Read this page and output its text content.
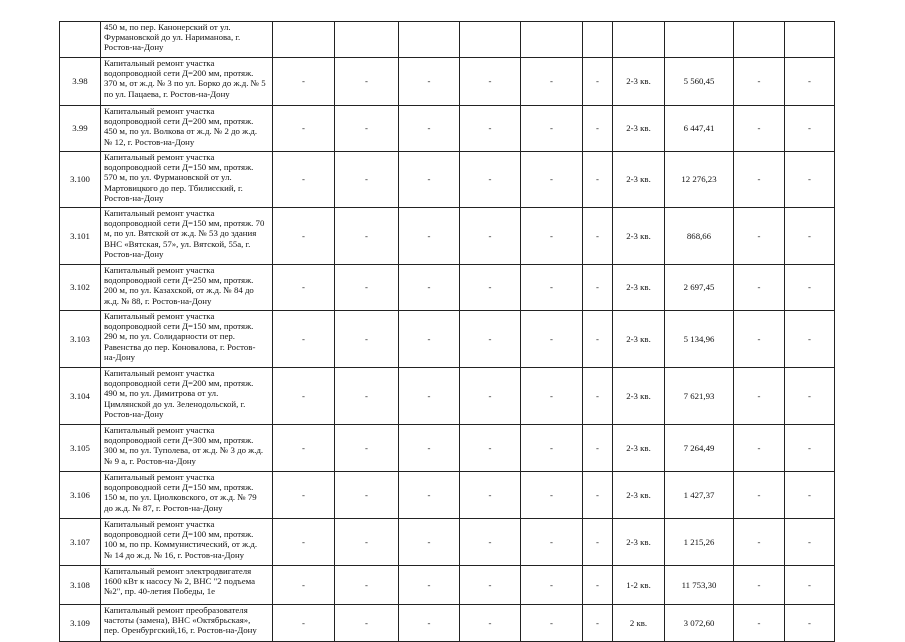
	450 м, по пер. Канонерский от ул.
Фурмановской до ул. Нариманова, г.
Ростов-на-Дону										
3.98	Капитальный ремонт участка
водопроводной сети Д=200 мм, протяж.
370 м, от ж.д. № 3 по ул. Борко до ж.д. № 5
по ул. Пацаева, г. Ростов-на-Дону	-	-	-	-	-	-	2-3 кв.	5 560,45	-	-
3.99	Капитальный ремонт участка
водопроводной сети Д=200 мм, протяж.
450 м, по ул. Волкова от ж.д. № 2 до ж.д.
№ 12, г. Ростов-на-Дону	-	-	-	-	-	-	2-3 кв.	6 447,41	-	-
3.100	Капитальный ремонт участка
водопроводной сети Д=150 мм, протяж.
570 м, по ул. Фурмановской от ул.
Мартовицкого до пер. Тбилисский, г.
Ростов-на-Дону	-	-	-	-	-	-	2-3 кв.	12 276,23	-	-
3.101	Капитальный ремонт участка
водопроводной сети Д=150 мм, протяж. 70
м, по ул. Вятской от ж.д. № 53 до здания
ВНС «Вятская, 57», ул. Вятской, 55а, г.
Ростов-на-Дону	-	-	-	-	-	-	2-3 кв.	868,66	-	-
3.102	Капитальный ремонт участка
водопроводной сети Д=250 мм, протяж.
200 м, по ул. Казахской, от ж.д. № 84 до
ж.д. № 88, г. Ростов-на-Дону	-	-	-	-	-	-	2-3 кв.	2 697,45	-	-
3.103	Капитальный ремонт участка
водопроводной сети Д=150 мм, протяж.
290 м, по ул. Солидарности от пер.
Равенства до пер. Коновалова, г. Ростов-
на-Дону	-	-	-	-	-	-	2-3 кв.	5 134,96	-	-
3.104	Капитальный ремонт участка
водопроводной сети Д=200 мм, протяж.
490 м, по ул. Димитрова от ул.
Цимлянской до ул. Зеленодольской, г.
Ростов-на-Дону	-	-	-	-	-	-	2-3 кв.	7 621,93	-	-
3.105	Капитальный ремонт участка
водопроводной сети Д=300 мм, протяж.
300 м, по ул. Туполева, от ж.д. № 3 до ж.д.
№ 9 а, г. Ростов-на-Дону	-	-	-	-	-	-	2-3 кв.	7 264,49	-	-
3.106	Капитальный ремонт участка
водопроводной сети Д=150 мм, протяж.
150 м, по ул. Циолковского, от ж.д. № 79
до ж.д. № 87, г. Ростов-на-Дону	-	-	-	-	-	-	2-3 кв.	1 427,37	-	-
3.107	Капитальный ремонт участка
водопроводной сети Д=100 мм, протяж.
100 м, по пр. Коммунистический, от ж.д.
№ 14 до ж.д. № 16, г. Ростов-на-Дону	-	-	-	-	-	-	2-3 кв.	1 215,26	-	-
3.108	Капитальный ремонт электродвигателя
1600 кВт к насосу № 2, ВНС "2 подъема
№2", пр. 40-летия Победы, 1е	-	-	-	-	-	-	1-2 кв.	11 753,30	-	-
3.109	Капитальный ремонт преобразователя
частоты (замена), ВНС «Октябрьская»,
пер. Оренбургский,16, г. Ростов-на-Дону	-	-	-	-	-	-	2 кв.	3 072,60	-	-
